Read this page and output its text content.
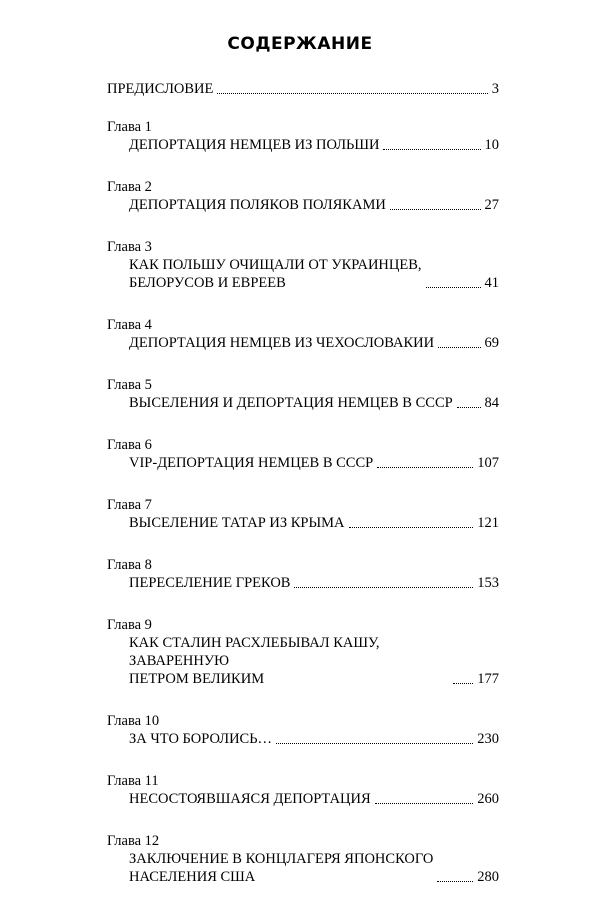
СОДЕРЖАНИЕ
ПРЕДИСЛОВИЕ	3
Глава 1
ДЕПОРТАЦИЯ НЕМЦЕВ ИЗ ПОЛЬШИ	10
Глава 2
ДЕПОРТАЦИЯ ПОЛЯКОВ ПОЛЯКАМИ	27
Глава 3
КАК ПОЛЬШУ ОЧИЩАЛИ ОТ УКРАИНЦЕВ,
БЕЛОРУСОВ И ЕВРЕЕВ	41
Глава 4
ДЕПОРТАЦИЯ НЕМЦЕВ ИЗ ЧЕХОСЛОВАКИИ	69
Глава 5
ВЫСЕЛЕНИЯ И ДЕПОРТАЦИЯ НЕМЦЕВ В СССР 84
Глава 6
VIP-ДЕПОРТАЦИЯ НЕМЦЕВ В СССР	107
Глава 7
ВЫСЕЛЕНИЕ ТАТАР ИЗ КРЫМА	121
Глава 8
ПЕРЕСЕЛЕНИЕ ГРЕКОВ	153
Глава 9
КАК СТАЛИН РАСХЛЕБЫВАЛ КАШУ, ЗАВАРЕННУЮ
ПЕТРОМ ВЕЛИКИМ	177
Глава 10
ЗА ЧТО БОРОЛИСЬ…	230
Глава 11
НЕСОСТОЯВШАЯСЯ ДЕПОРТАЦИЯ	260
Глава 12
ЗАКЛЮЧЕНИЕ В КОНЦЛАГЕРЯ ЯПОНСКОГО
НАСЕЛЕНИЯ США	280
